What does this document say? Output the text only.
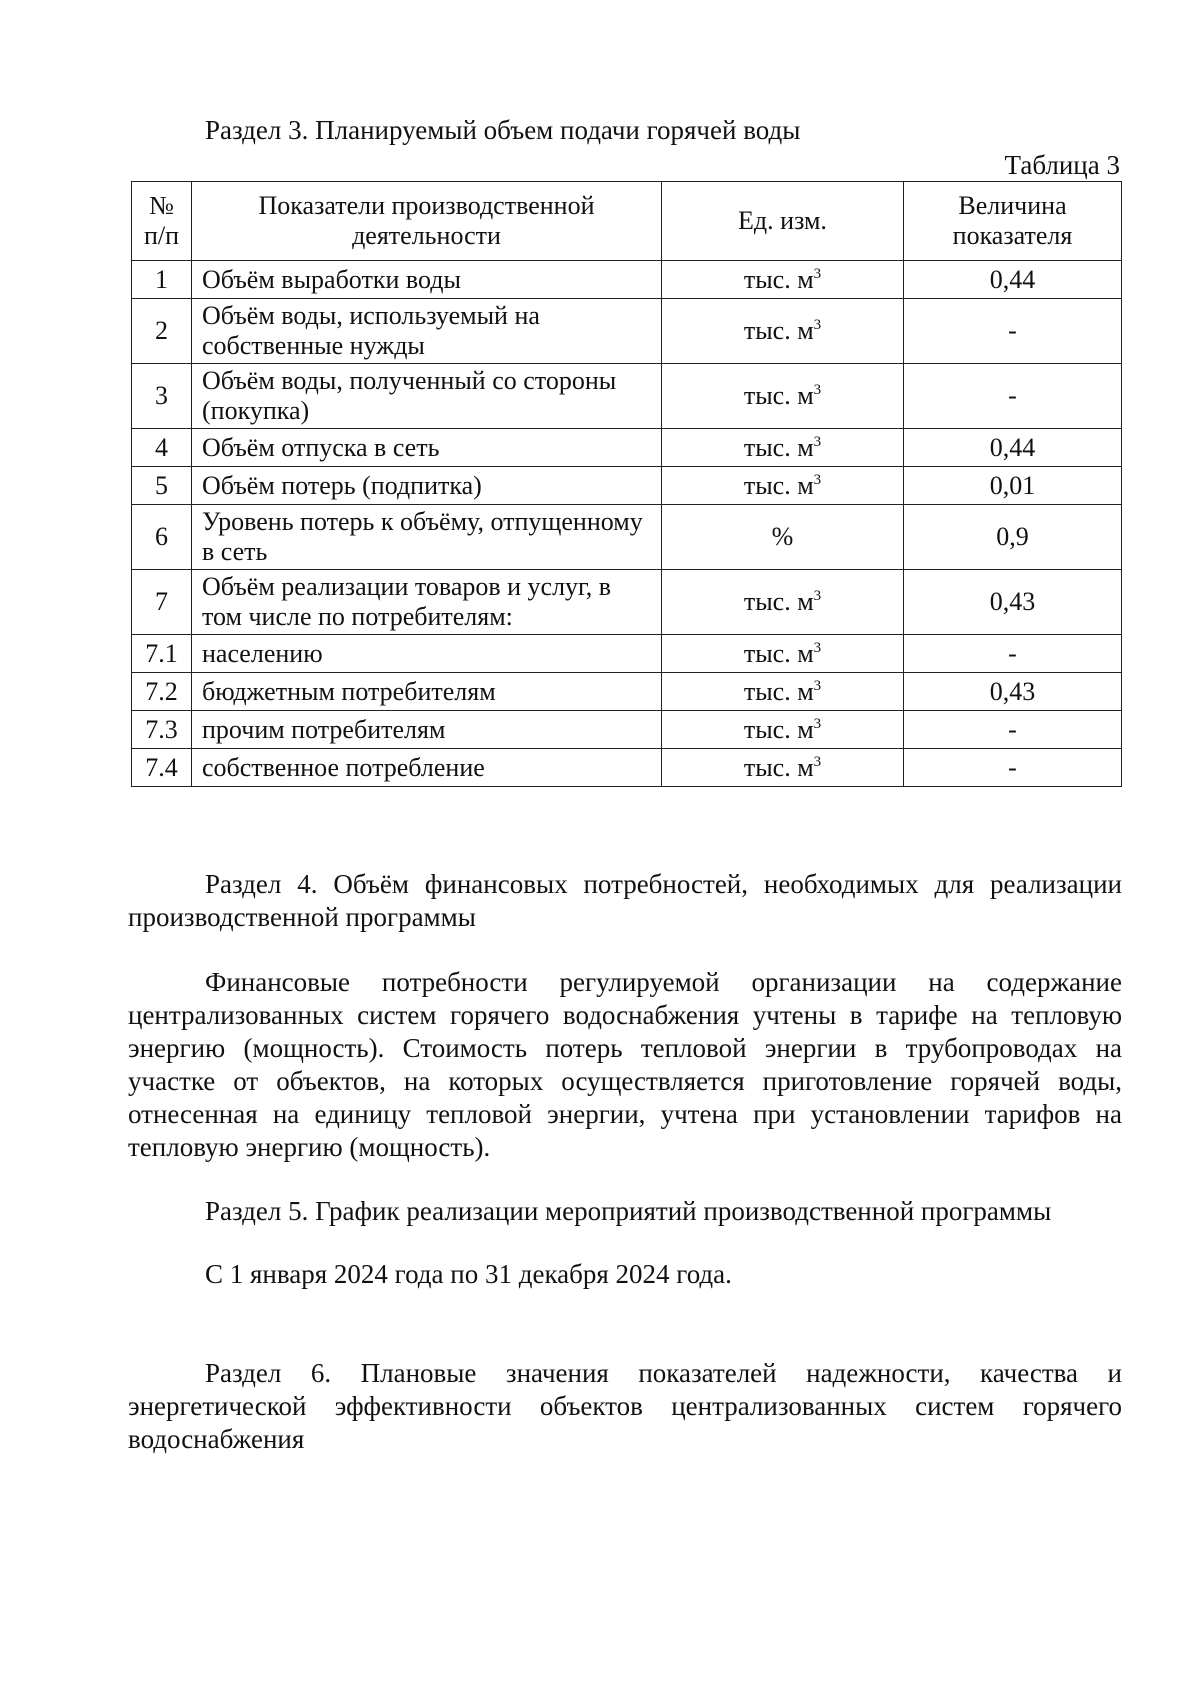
Раздел 3. Планируемый объем подачи горячей воды
Таблица 3
№ п/п	Показатели производственной деятельности	Ед. изм.	Величина показателя
1	Объём выработки воды	тыс. $м^3$	0,44
2	Объём воды, используемый на собственные нужды	тыс. $м^3$	-
3	Объём воды, полученный со стороны (покупка)	тыс. $м^3$	-
4	Объём отпуска в сеть	тыс. $м^3$	0,44
5	Объём потерь (подпитка)	тыс. $м^3$	0,01
6	Уровень потерь к объёму, отпущенному в сеть	%	0,9
7	Объём реализации товаров и услуг, в том числе по потребителям:	тыс. $м^3$	0,43
7.1	населению	тыс. $м^3$	-
7.2	бюджетным потребителям	тыс. $м^3$	0,43
7.3	прочим потребителям	тыс. $м^3$	-
7.4	собственное потребление	тыс. $м^3$	-
Раздел 4. Объём финансовых потребностей, необходимых для реализации производственной программы
Финансовые потребности регулируемой организации на содержание централизованных систем горячего водоснабжения учтены в тарифе на тепловую энергию (мощность). Стоимость потерь тепловой энергии в трубопроводах на участке от объектов, на которых осуществляется приготовление горячей воды, отнесенная на единицу тепловой энергии, учтена при установлении тарифов на тепловую энергию (мощность).
Раздел 5. График реализации мероприятий производственной программы
С 1 января 2024 года по 31 декабря 2024 года.
Раздел 6. Плановые значения показателей надежности, качества и энергетической эффективности объектов централизованных систем горячего водоснабжения
